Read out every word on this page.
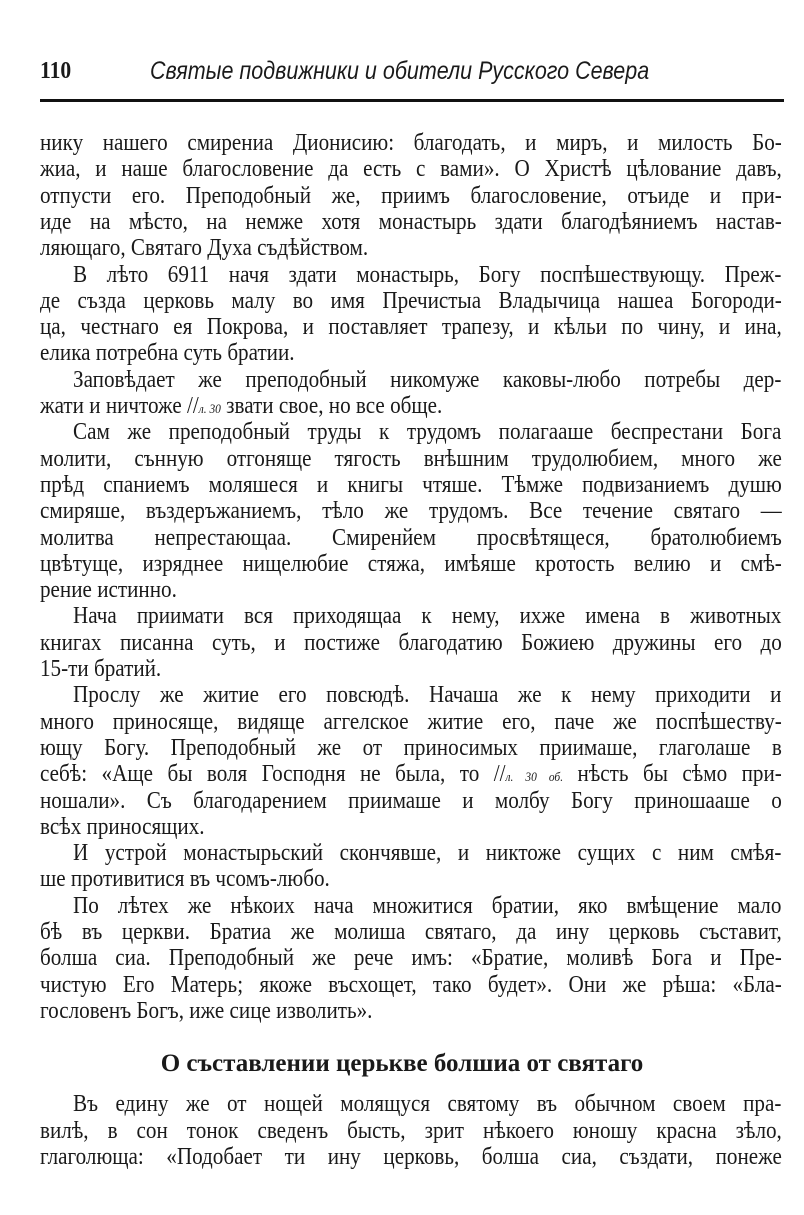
110	Святые подвижники и обители Русского Севера
нику нашего смирениа Дионисию: благодать, и миръ, и милость Бо-
жиа, и наше благословение да есть с вами». О Христѣ цѣлование давъ,
отпусти его. Преподобный же, приимъ благословение, отъиде и при-
иде на мѣсто, на немже хотя монастырь здати благодѣяниемъ настав-
ляющаго, Святаго Духа съдѣйством.
В лѣто 6911 начя здати монастырь, Богу поспѣшествующу. Преж-
де създа церковь малу во имя Пречистыа Владычица нашеа Богороди-
ца, честнаго ея Покрова, и поставляет трапезу, и кѣльи по чину, и ина,
елика потребна суть братии.
Заповѣдает же преподобный никомуже каковы-любо потребы дер-
жати и ничтоже //л. 30 звати свое, но все обще.
Сам же преподобный труды к трудомъ полагааше беспрестани Бога
молити, сънную отгоняще тягость внѣшним трудолюбием, много же
прѣд спаниемъ моляшеся и книгы чтяше. Тѣмже подвизаниемъ душю
смиряше, въздеръжаниемъ, тѣло же трудомъ. Все течение святаго —
молитва непрестающаа. Смиренйем просвѣтящеся, братолюбиемъ
цвѣтуще, изряднее нищелюбие стяжа, имѣяше кротость велию и смѣ-
рение истинно.
Нача приимати вся приходящаа к нему, ихже имена в животных
книгах писанна суть, и постиже благодатию Божиею дружины его до
15-ти братий.
Прослу же житие его повсюдѣ. Начаша же к нему приходити и
много приносяще, видяще аггелское житие его, паче же поспѣшеству-
ющу Богу. Преподобный же от приносимых приимаше, глаголаше в
себѣ: «Аще бы воля Господня не была, то //л. 30 об. нѣсть бы сѣмо при-
ношали». Съ благодарением приимаше и молбу Богу приношааше о
всѣх приносящих.
И устрой монастырьский скончявше, и никтоже сущих с ним смѣя-
ше противитися въ чсомъ-любо.
По лѣтех же нѣкоих нача множитися братии, яко вмѣщение мало
бѣ въ церкви. Братиа же молиша святаго, да ину церковь съставит,
болша сиа. Преподобный же рече имъ: «Братие, моливѣ Бога и Пре-
чистую Его Матерь; якоже въсхощет, тако будет». Они же рѣша: «Бла-
гословенъ Богъ, иже сице изволить».
Въ едину же от нощей молящуся святому въ обычном своем пра-
вилѣ, в сон тонок сведенъ бысть, зрит нѣкоего юношу красна зѣло,
глаголюща: «Подобает ти ину церковь, болша сиа, създати, понеже
О съставлении церькве болшиа от святаго
